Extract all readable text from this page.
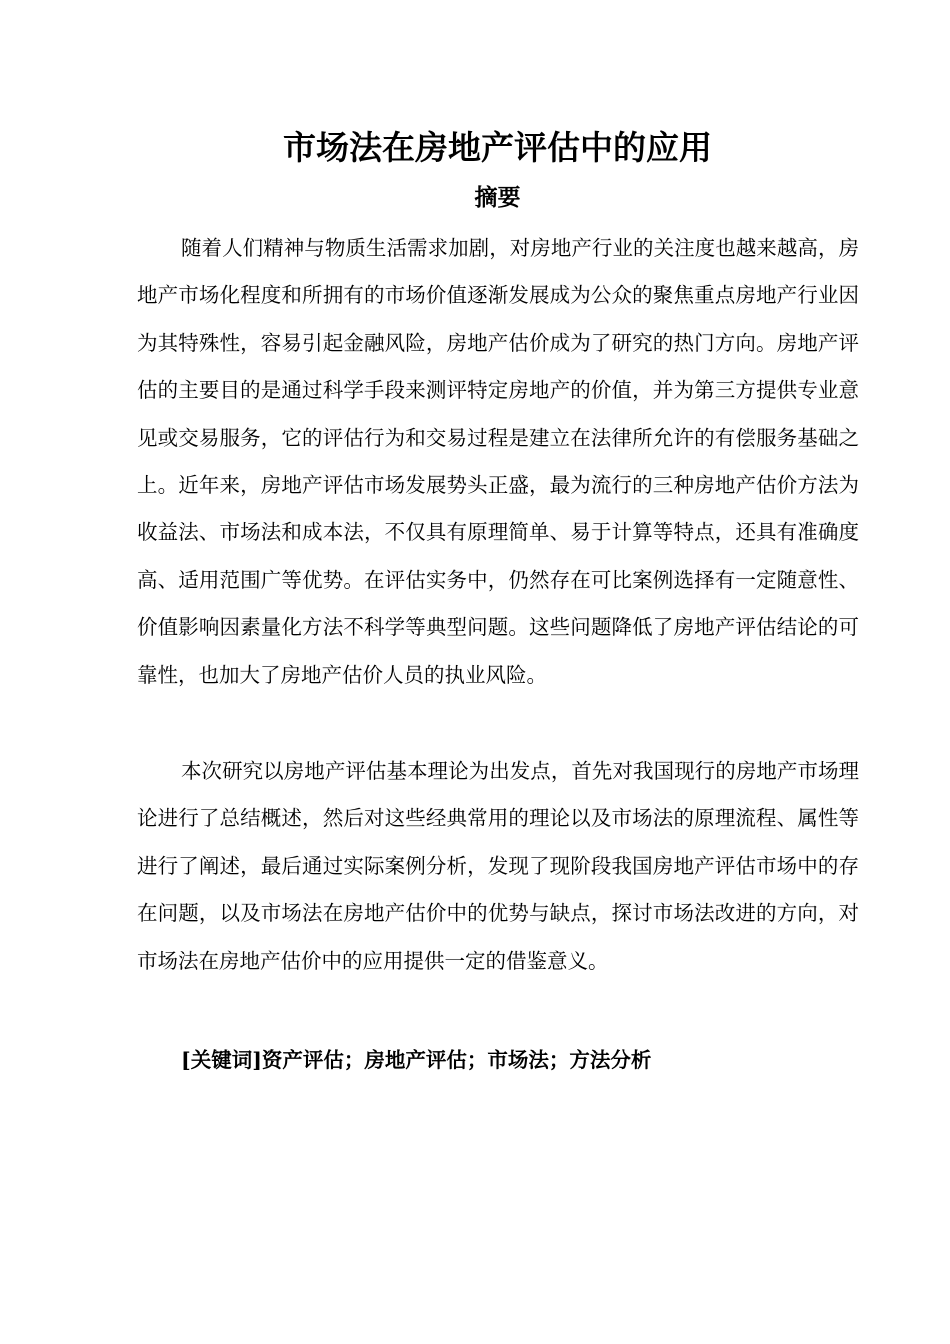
市场法在房地产评估中的应用
摘要

随着人们精神与物质生活需求加剧，对房地产行业的关注度也越来越高，房地产市场化程度和所拥有的市场价值逐渐发展成为公众的聚焦重点房地产行业因为其特殊性，容易引起金融风险，房地产估价成为了研究的热门方向。房地产评估的主要目的是通过科学手段来测评特定房地产的价值，并为第三方提供专业意见或交易服务，它的评估行为和交易过程是建立在法律所允许的有偿服务基础之上。近年来，房地产评估市场发展势头正盛，最为流行的三种房地产估价方法为收益法、市场法和成本法，不仅具有原理简单、易于计算等特点，还具有准确度高、适用范围广等优势。在评估实务中，仍然存在可比案例选择有一定随意性、价值影响因素量化方法不科学等典型问题。这些问题降低了房地产评估结论的可靠性，也加大了房地产估价人员的执业风险。

本次研究以房地产评估基本理论为出发点，首先对我国现行的房地产市场理论进行了总结概述，然后对这些经典常用的理论以及市场法的原理流程、属性等进行了阐述，最后通过实际案例分析，发现了现阶段我国房地产评估市场中的存在问题，以及市场法在房地产估价中的优势与缺点，探讨市场法改进的方向，对市场法在房地产估价中的应用提供一定的借鉴意义。

[关键词]资产评估；房地产评估；市场法；方法分析
